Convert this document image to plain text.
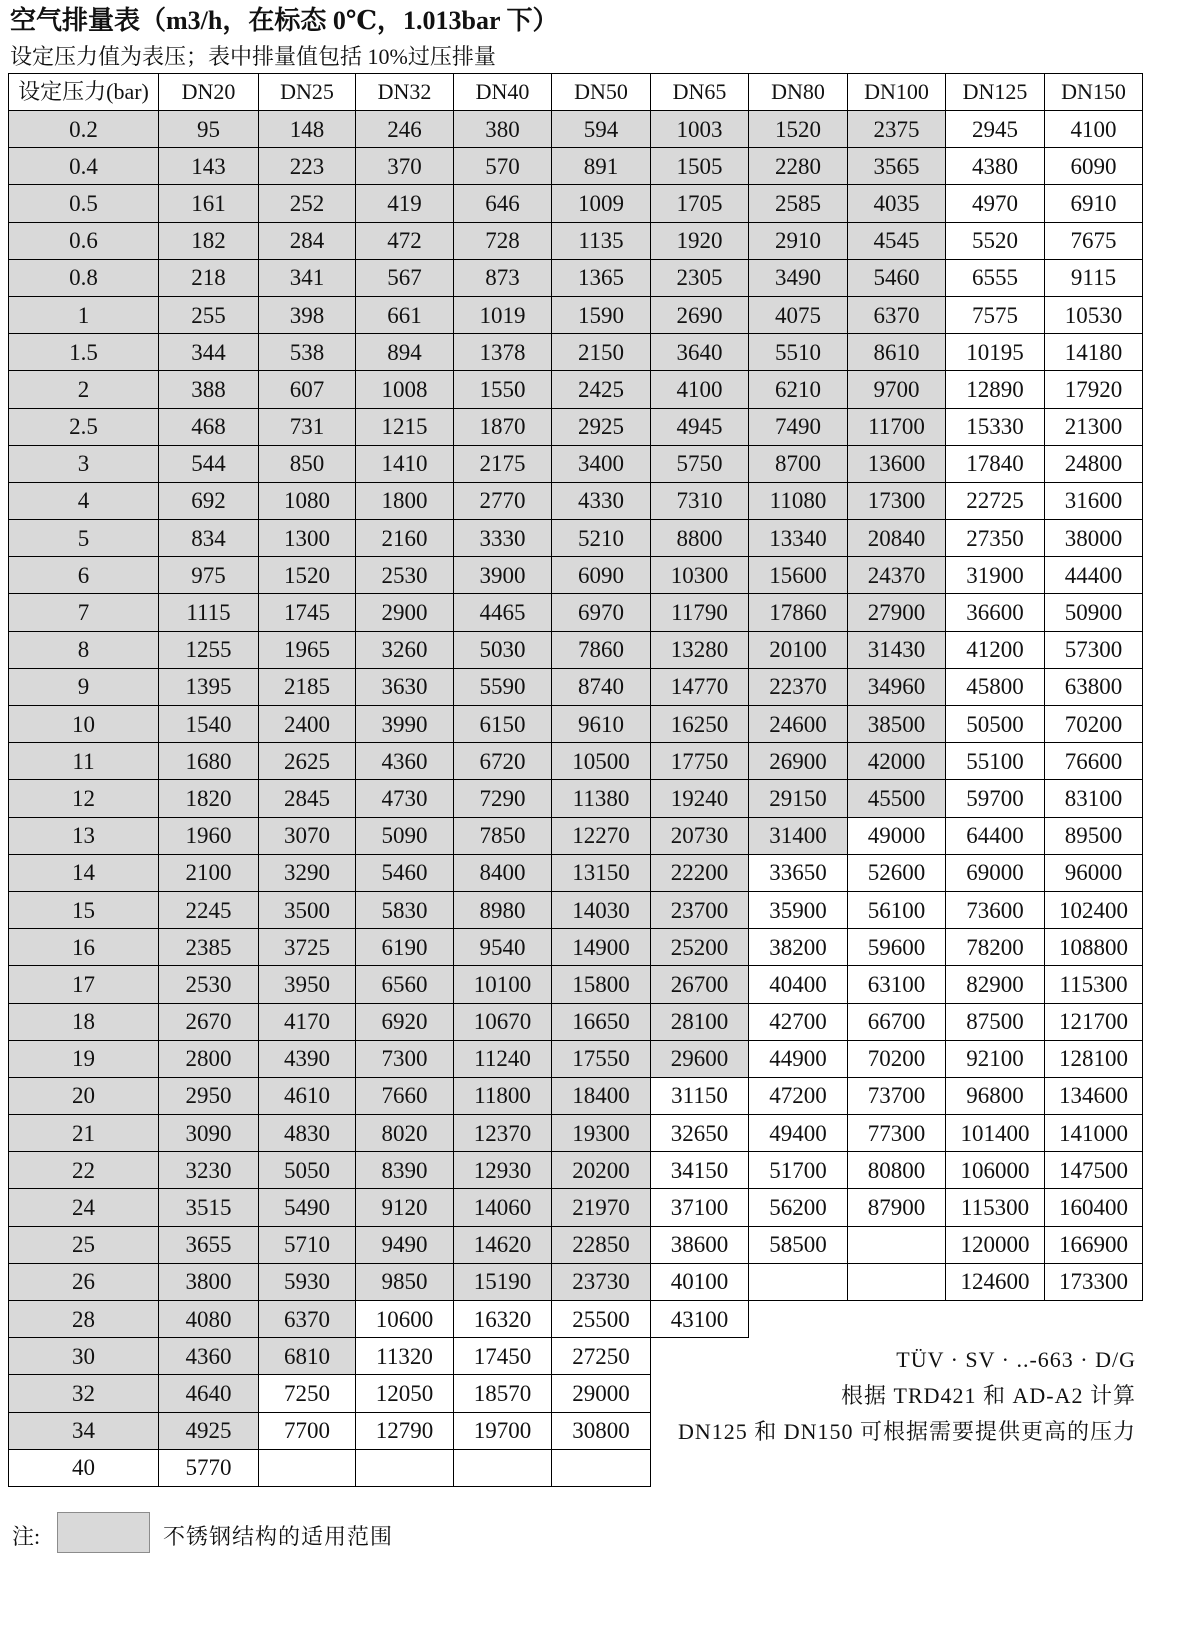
空气排量表（m3/h，在标态 0℃，1.013bar 下）
设定压力值为表压；表中排量值包括 10%过压排量
设定压力(bar)	DN20	DN25	DN32	DN40	DN50	DN65	DN80	DN100	DN125	DN150
0.2	95	148	246	380	594	1003	1520	2375	2945	4100
0.4	143	223	370	570	891	1505	2280	3565	4380	6090
0.5	161	252	419	646	1009	1705	2585	4035	4970	6910
0.6	182	284	472	728	1135	1920	2910	4545	5520	7675
0.8	218	341	567	873	1365	2305	3490	5460	6555	9115
1	255	398	661	1019	1590	2690	4075	6370	7575	10530
1.5	344	538	894	1378	2150	3640	5510	8610	10195	14180
2	388	607	1008	1550	2425	4100	6210	9700	12890	17920
2.5	468	731	1215	1870	2925	4945	7490	11700	15330	21300
3	544	850	1410	2175	3400	5750	8700	13600	17840	24800
4	692	1080	1800	2770	4330	7310	11080	17300	22725	31600
5	834	1300	2160	3330	5210	8800	13340	20840	27350	38000
6	975	1520	2530	3900	6090	10300	15600	24370	31900	44400
7	1115	1745	2900	4465	6970	11790	17860	27900	36600	50900
8	1255	1965	3260	5030	7860	13280	20100	31430	41200	57300
9	1395	2185	3630	5590	8740	14770	22370	34960	45800	63800
10	1540	2400	3990	6150	9610	16250	24600	38500	50500	70200
11	1680	2625	4360	6720	10500	17750	26900	42000	55100	76600
12	1820	2845	4730	7290	11380	19240	29150	45500	59700	83100
13	1960	3070	5090	7850	12270	20730	31400	49000	64400	89500
14	2100	3290	5460	8400	13150	22200	33650	52600	69000	96000
15	2245	3500	5830	8980	14030	23700	35900	56100	73600	102400
16	2385	3725	6190	9540	14900	25200	38200	59600	78200	108800
17	2530	3950	6560	10100	15800	26700	40400	63100	82900	115300
18	2670	4170	6920	10670	16650	28100	42700	66700	87500	121700
19	2800	4390	7300	11240	17550	29600	44900	70200	92100	128100
20	2950	4610	7660	11800	18400	31150	47200	73700	96800	134600
21	3090	4830	8020	12370	19300	32650	49400	77300	101400	141000
22	3230	5050	8390	12930	20200	34150	51700	80800	106000	147500
24	3515	5490	9120	14060	21970	37100	56200	87900	115300	160400
25	3655	5710	9490	14620	22850	38600	58500		120000	166900
26	3800	5930	9850	15190	23730	40100			124600	173300
28	4080	6370	10600	16320	25500	43100				
30	4360	6810	11320	17450	27250					
32	4640	7250	12050	18570	29000					
34	4925	7700	12790	19700	30800					
40	5770									
TÜV · SV · ..-663 · D/G
根据 TRD421 和 AD-A2 计算
DN125 和 DN150 可根据需要提供更高的压力
注:	不锈钢结构的适用范围
